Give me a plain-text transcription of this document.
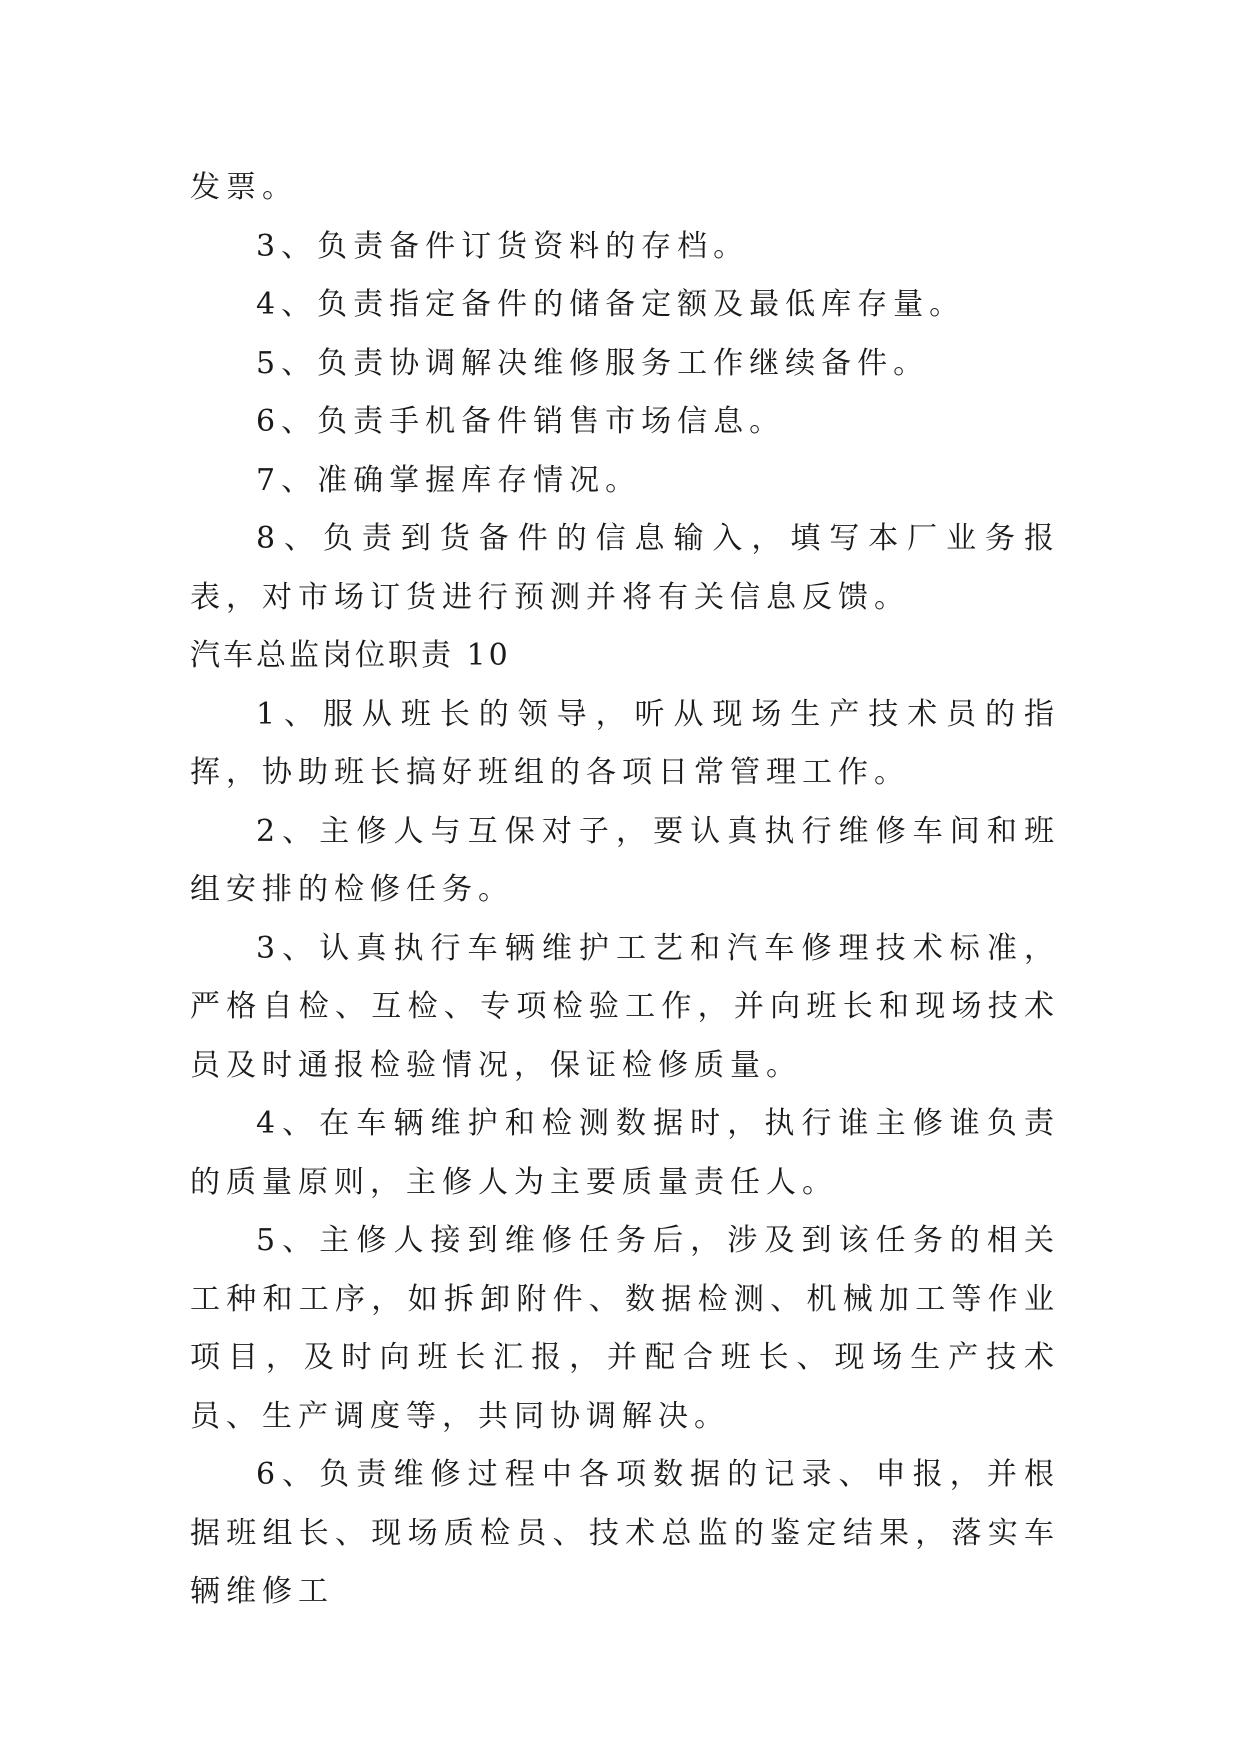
发票。

3、负责备件订货资料的存档。

4、负责指定备件的储备定额及最低库存量。

5、负责协调解决维修服务工作继续备件。

6、负责手机备件销售市场信息。

7、准确掌握库存情况。

8、负责到货备件的信息输入，填写本厂业务报表，对市场订货进行预测并将有关信息反馈。

汽车总监岗位职责 10

1、服从班长的领导，听从现场生产技术员的指挥，协助班长搞好班组的各项日常管理工作。

2、主修人与互保对子，要认真执行维修车间和班组安排的检修任务。

3、认真执行车辆维护工艺和汽车修理技术标准，严格自检、互检、专项检验工作，并向班长和现场技术员及时通报检验情况，保证检修质量。

4、在车辆维护和检测数据时，执行谁主修谁负责的质量原则，主修人为主要质量责任人。

5、主修人接到维修任务后，涉及到该任务的相关工种和工序，如拆卸附件、数据检测、机械加工等作业项目，及时向班长汇报，并配合班长、现场生产技术员、生产调度等，共同协调解决。

6、负责维修过程中各项数据的记录、申报，并根据班组长、现场质检员、技术总监的鉴定结果，落实车辆维修工
